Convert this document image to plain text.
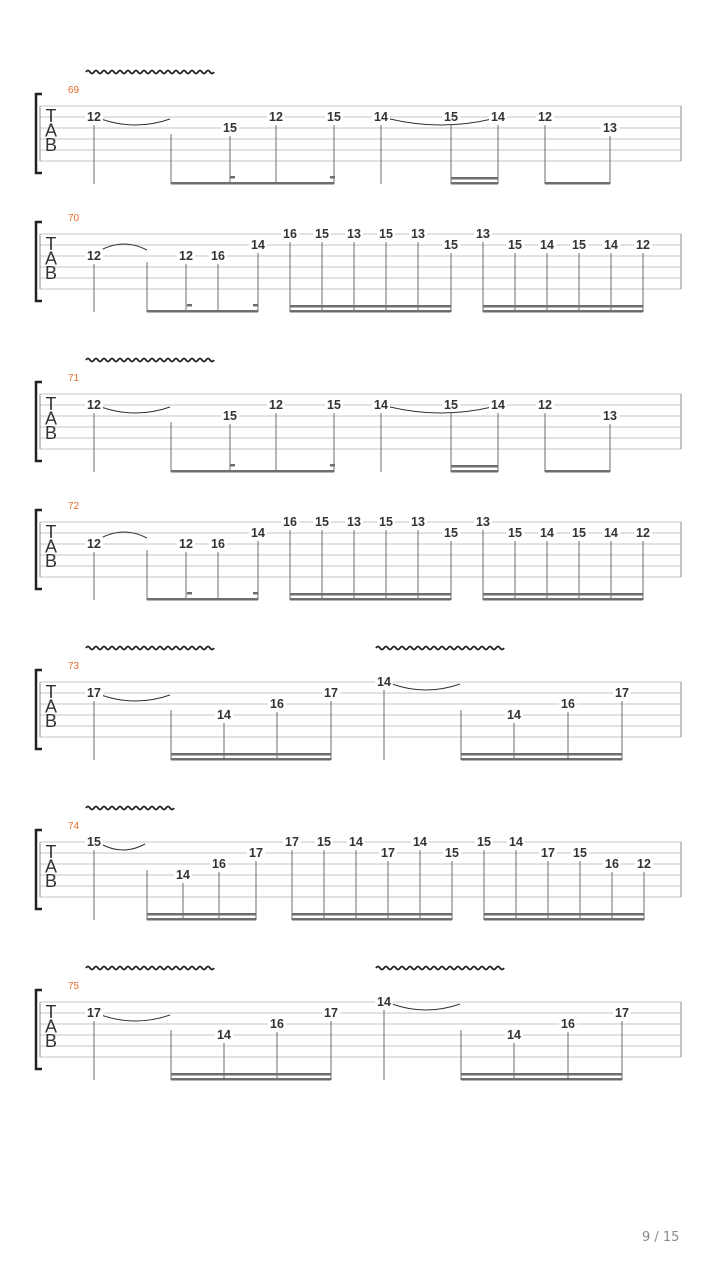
T
A
B
69
12
15
12	15	14	15	14	12
13
T
A
B
70
12	12 16
14
16 15 13 15 13
15
13
15 14 15 14 12
T
A
B
71
12
15
12	15	14	15	14	12
13
T
A
B
72
12	12 16
14
16 15 13 15 13
15
13
15 14 15 14 12
T
A
B
73
17
14
16
17
14
14
16
17
T
A
B
74
15
14
16
17
17 15 14
17
14
15
15 14
17 15
16 12
T
A
B
75
17
14
16
17
14
14
16
17
9 / 15
